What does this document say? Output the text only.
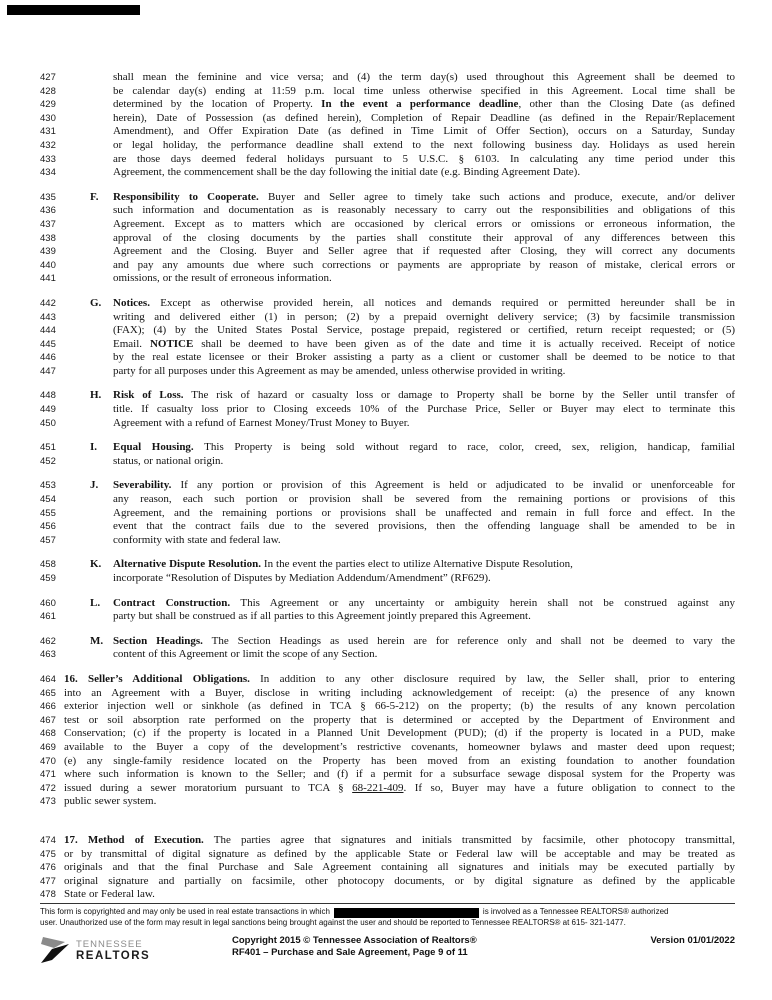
427	shall mean the feminine and vice versa; and (4) the term day(s) used throughout this Agreement shall be deemed to
428	be calendar day(s) ending at 11:59 p.m. local time unless otherwise specified in this Agreement. Local time shall be
429	determined by the location of Property. In the event a performance deadline, other than the Closing Date (as defined
430	herein), Date of Possession (as defined herein), Completion of Repair Deadline (as defined in the Repair/Replacement
431	Amendment), and Offer Expiration Date (as defined in Time Limit of Offer Section), occurs on a Saturday, Sunday
432	or legal holiday, the performance deadline shall extend to the next following business day. Holidays as used herein
433	are those days deemed federal holidays pursuant to 5 U.S.C. § 6103. In calculating any time period under this
434	Agreement, the commencement shall be the day following the initial date (e.g. Binding Agreement Date).
435	F. Responsibility to Cooperate. Buyer and Seller agree to timely take such actions and produce, execute, and/or deliver
436	such information and documentation as is reasonably necessary to carry out the responsibilities and obligations of this
437	Agreement. Except as to matters which are occasioned by clerical errors or omissions or erroneous information, the
438	approval of the closing documents by the parties shall constitute their approval of any differences between this
439	Agreement and the Closing. Buyer and Seller agree that if requested after Closing, they will correct any documents
440	and pay any amounts due where such corrections or payments are appropriate by reason of mistake, clerical errors or
441	omissions, or the result of erroneous information.
442	G. Notices. Except as otherwise provided herein, all notices and demands required or permitted hereunder shall be in
443	writing and delivered either (1) in person; (2) by a prepaid overnight delivery service; (3) by facsimile transmission
444	(FAX); (4) by the United States Postal Service, postage prepaid, registered or certified, return receipt requested; or (5)
445	Email. NOTICE shall be deemed to have been given as of the date and time it is actually received. Receipt of notice
446	by the real estate licensee or their Broker assisting a party as a client or customer shall be deemed to be notice to that
447	party for all purposes under this Agreement as may be amended, unless otherwise provided in writing.
448	H. Risk of Loss. The risk of hazard or casualty loss or damage to Property shall be borne by the Seller until transfer of
449	title. If casualty loss prior to Closing exceeds 10% of the Purchase Price, Seller or Buyer may elect to terminate this
450	Agreement with a refund of Earnest Money/Trust Money to Buyer.
451	I. Equal Housing. This Property is being sold without regard to race, color, creed, sex, religion, handicap, familial
452	status, or national origin.
453	J. Severability. If any portion or provision of this Agreement is held or adjudicated to be invalid or unenforceable for
454	any reason, each such portion or provision shall be severed from the remaining portions or provisions of this
455	Agreement, and the remaining portions or provisions shall be unaffected and remain in full force and effect. In the
456	event that the contract fails due to the severed provisions, then the offending language shall be amended to be in
457	conformity with state and federal law.
458	K. Alternative Dispute Resolution. In the event the parties elect to utilize Alternative Dispute Resolution,
459	incorporate “Resolution of Disputes by Mediation Addendum/Amendment” (RF629).
460	L. Contract Construction. This Agreement or any uncertainty or ambiguity herein shall not be construed against any
461	party but shall be construed as if all parties to this Agreement jointly prepared this Agreement.
462	M. Section Headings. The Section Headings as used herein are for reference only and shall not be deemed to vary the
463	content of this Agreement or limit the scope of any Section.
464 16. Seller’s Additional Obligations. In addition to any other disclosure required by law, the Seller shall, prior to entering
465 into an Agreement with a Buyer, disclose in writing including acknowledgement of receipt: (a) the presence of any known
466 exterior injection well or sinkhole (as defined in TCA § 66-5-212) on the property; (b) the results of any known percolation
467 test or soil absorption rate performed on the property that is determined or accepted by the Department of Environment and
468 Conservation; (c) if the property is located in a Planned Unit Development (PUD); (d) if the property is located in a PUD, make
469 available to the Buyer a copy of the development’s restrictive covenants, homeowner bylaws and master deed upon request;
470 (e) any single-family residence located on the Property has been moved from an existing foundation to another foundation
471 where such information is known to the Seller; and (f) if a permit for a subsurface sewage disposal system for the Property was
472 issued during a sewer moratorium pursuant to TCA § 68-221-409. If so, Buyer may have a future obligation to connect to the
473 public sewer system.
474 17. Method of Execution. The parties agree that signatures and initials transmitted by facsimile, other photocopy transmittal,
475 or by transmittal of digital signature as defined by the applicable State or Federal law will be acceptable and may be treated as
476 originals and that the final Purchase and Sale Agreement containing all signatures and initials may be executed partially by
477 original signature and partially on facsimile, other photocopy documents, or by digital signature as defined by the applicable
478 State or Federal law.
This form is copyrighted and may only be used in real estate transactions in which	is involved as a Tennessee REALTORS® authorized
user. Unauthorized use of the form may result in legal sanctions being brought against the user and should be reported to Tennessee REALTORS® at 615- 321-1477.
TENNESSEE
REALTORS
Copyright 2015 © Tennessee Association of Realtors®
RF401 – Purchase and Sale Agreement, Page 9 of 11
Version 01/01/2022
